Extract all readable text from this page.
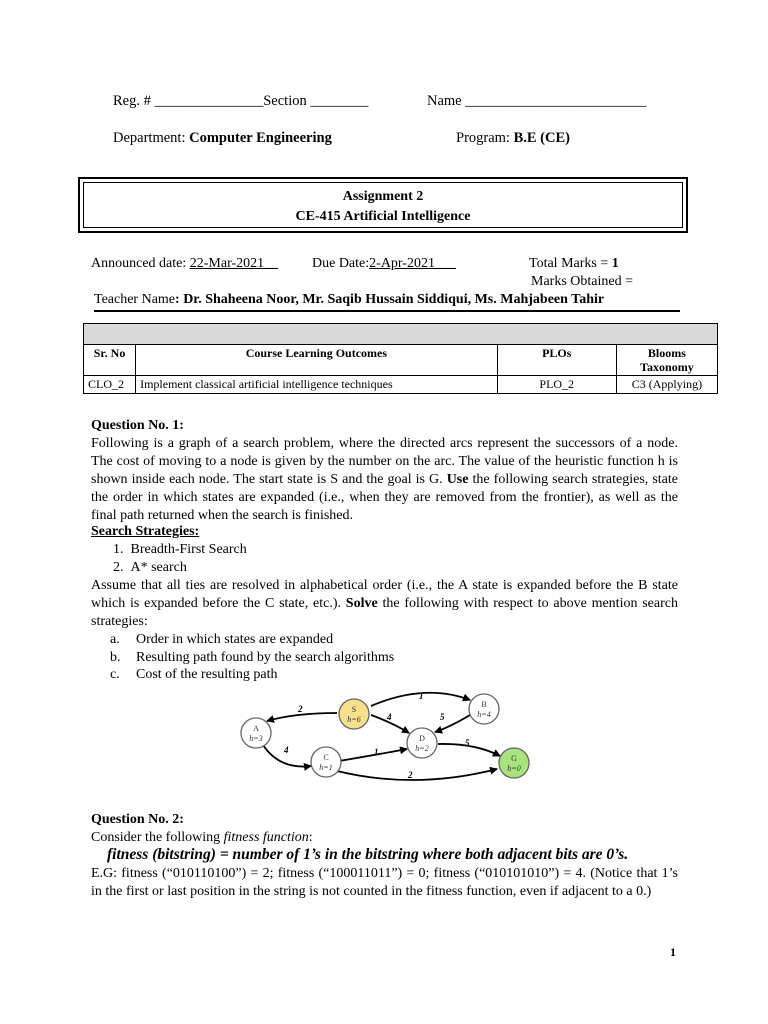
Reg. # _______________Section ________	Name _________________________
Department: Computer Engineering	Program: B.E (CE)
Assignment 2
CE-415 Artificial Intelligence
Announced date: 22-Mar-2021__ Due Date:2-Apr-2021___	Total Marks = 1
Marks Obtained =
Teacher Name: Dr. Shaheena Noor, Mr. Saqib Hussain Siddiqui, Ms. Mahjabeen Tahir

Sr. No	Course Learning Outcomes	PLOs	Blooms Taxonomy
CLO_2	Implement classical artificial intelligence techniques	PLO_2	C3 (Applying)
Question No. 1:
Following is a graph of a search problem, where the directed arcs represent the successors of a node. The cost of moving to a node is given by the number on the arc. The value of the heuristic function h is shown inside each node. The start state is S and the goal is G. Use the following search strategies, state the order in which states are expanded (i.e., when they are removed from the frontier), as well as the final path returned when the search is finished.
Search Strategies:
1.  Breadth-First Search
2.  A* search
Assume that all ties are resolved in alphabetical order (i.e., the A state is expanded before the B state which is expanded before the C state, etc.). Solve the following with respect to above mention search strategies:
a. Order in which states are expanded
b. Resulting path found by the search algorithms
c. Cost of the resulting path
2
1
4	5
4	1
5
2
S
h=6
A
h=3
B
h=4
C
h=1
D
h=2
G
h=0
Question No. 2:
Consider the following fitness function:
fitness (bitstring) = number of 1’s in the bitstring where both adjacent bits are 0’s.
E.G: fitness (“010110100”) = 2; fitness (“100011011”) = 0; fitness (“010101010”) = 4. (Notice that 1’s in the first or last position in the string is not counted in the fitness function, even if adjacent to a 0.)
1
